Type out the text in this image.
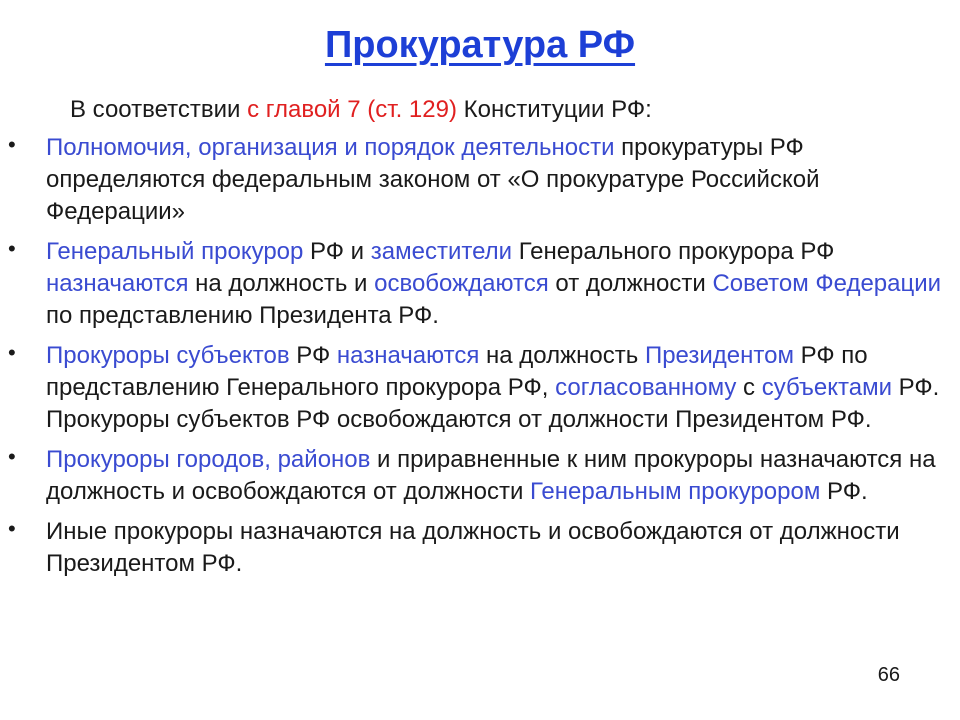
Прокуратура РФ

В соответствии с главой 7 (ст. 129) Конституции РФ:

• Полномочия, организация и порядок деятельности прокуратуры РФ определяются федеральным законом от «О прокуратуре Российской Федерации»
• Генеральный прокурор РФ и заместители Генерального прокурора РФ назначаются на должность и освобождаются от должности Советом Федерации по представлению Президента РФ.
• Прокуроры субъектов РФ назначаются на должность Президентом РФ по представлению Генерального прокурора РФ, согласованному с субъектами РФ. Прокуроры субъектов РФ освобождаются от должности Президентом РФ.
• Прокуроры городов, районов и приравненные к ним прокуроры назначаются на должность и освобождаются от должности Генеральным прокурором РФ.
• Иные прокуроры назначаются на должность и освобождаются от должности Президентом РФ.
66
